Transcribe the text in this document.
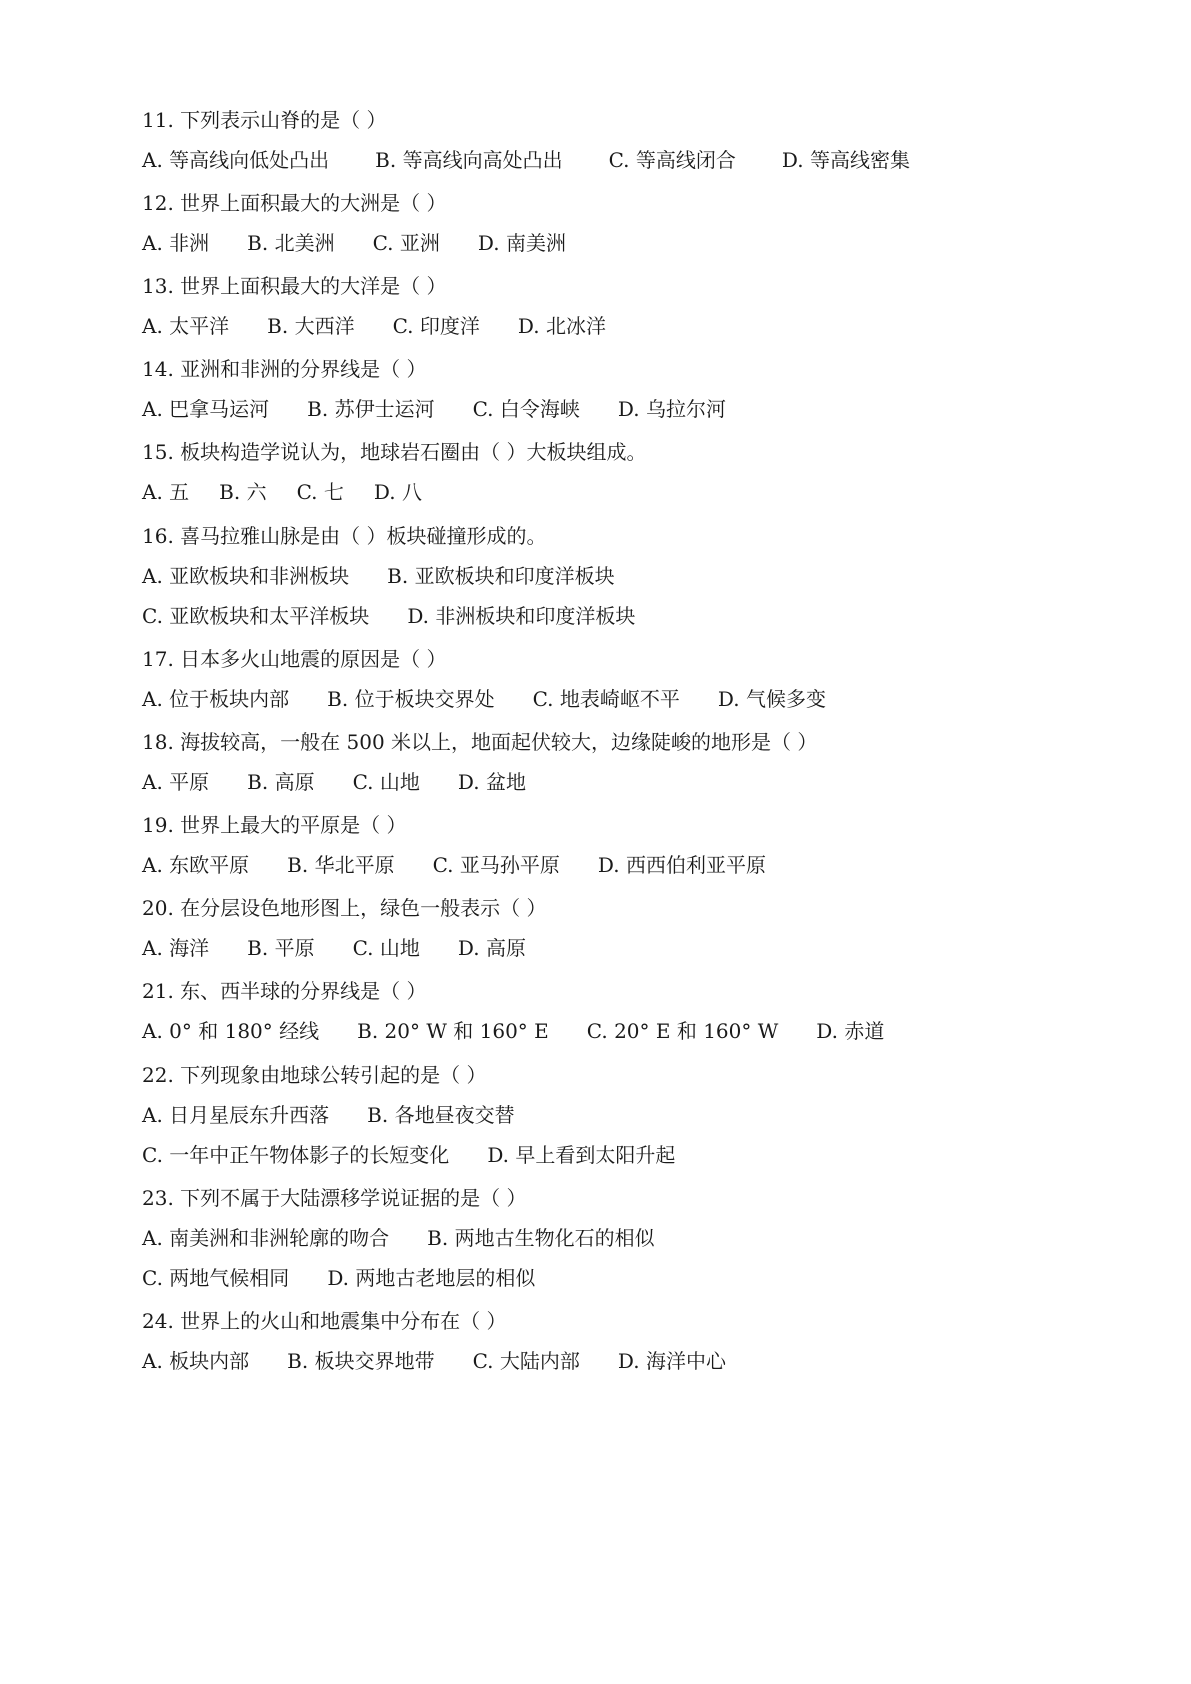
11. 下列表示山脊的是（ ）
A. 等高线向低处凸出 B. 等高线向高处凸出 C. 等高线闭合 D. 等高线密集
12. 世界上面积最大的大洲是（ ）
A. 非洲 B. 北美洲 C. 亚洲 D. 南美洲
13. 世界上面积最大的大洋是（ ）
A. 太平洋 B. 大西洋 C. 印度洋 D. 北冰洋
14. 亚洲和非洲的分界线是（ ）
A. 巴拿马运河 B. 苏伊士运河 C. 白令海峡 D. 乌拉尔河
15. 板块构造学说认为，地球岩石圈由（ ）大板块组成。
A. 五 B. 六 C. 七 D. 八
16. 喜马拉雅山脉是由（ ）板块碰撞形成的。
A. 亚欧板块和非洲板块 B. 亚欧板块和印度洋板块
C. 亚欧板块和太平洋板块 D. 非洲板块和印度洋板块
17. 日本多火山地震的原因是（ ）
A. 位于板块内部 B. 位于板块交界处 C. 地表崎岖不平 D. 气候多变
18. 海拔较高，一般在 500 米以上，地面起伏较大，边缘陡峻的地形是（ ）
A. 平原 B. 高原 C. 山地 D. 盆地
19. 世界上最大的平原是（ ）
A. 东欧平原 B. 华北平原 C. 亚马孙平原 D. 西西伯利亚平原
20. 在分层设色地形图上，绿色一般表示（ ）
A. 海洋 B. 平原 C. 山地 D. 高原
21. 东、西半球的分界线是（ ）
A. 0° 和 180° 经线 B. 20° W 和 160° E C. 20° E 和 160° W D. 赤道
22. 下列现象由地球公转引起的是（ ）
A. 日月星辰东升西落 B. 各地昼夜交替
C. 一年中正午物体影子的长短变化 D. 早上看到太阳升起
23. 下列不属于大陆漂移学说证据的是（ ）
A. 南美洲和非洲轮廓的吻合 B. 两地古生物化石的相似
C. 两地气候相同 D. 两地古老地层的相似
24. 世界上的火山和地震集中分布在（ ）
A. 板块内部 B. 板块交界地带 C. 大陆内部 D. 海洋中心
